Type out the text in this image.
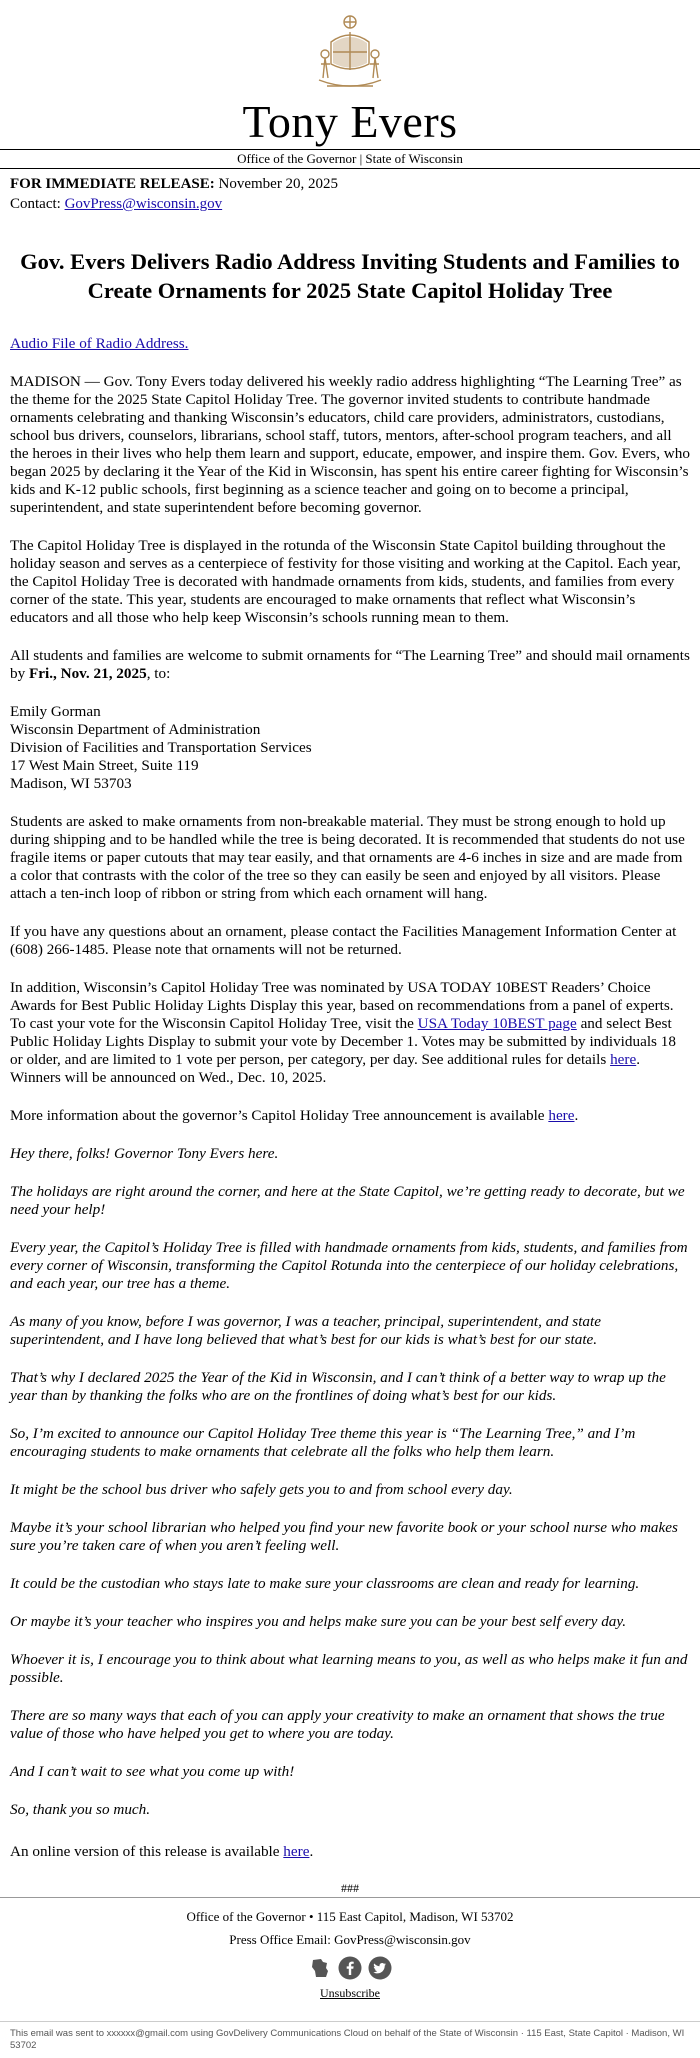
Tony Evers
Office of the Governor | State of Wisconsin
FOR IMMEDIATE RELEASE: November 20, 2025
Contact: GovPress@wisconsin.gov
Gov. Evers Delivers Radio Address Inviting Students and Families to Create Ornaments for 2025 State Capitol Holiday Tree

Audio File of Radio Address.

MADISON — Gov. Tony Evers today delivered his weekly radio address highlighting “The Learning Tree” as the theme for the 2025 State Capitol Holiday Tree. The governor invited students to contribute handmade ornaments celebrating and thanking Wisconsin’s educators, child care providers, administrators, custodians, school bus drivers, counselors, librarians, school staff, tutors, mentors, after-school program teachers, and all the heroes in their lives who help them learn and support, educate, empower, and inspire them. Gov. Evers, who began 2025 by declaring it the Year of the Kid in Wisconsin, has spent his entire career fighting for Wisconsin’s kids and K-12 public schools, first beginning as a science teacher and going on to become a principal, superintendent, and state superintendent before becoming governor.

The Capitol Holiday Tree is displayed in the rotunda of the Wisconsin State Capitol building throughout the holiday season and serves as a centerpiece of festivity for those visiting and working at the Capitol. Each year, the Capitol Holiday Tree is decorated with handmade ornaments from kids, students, and families from every corner of the state. This year, students are encouraged to make ornaments that reflect what Wisconsin’s educators and all those who help keep Wisconsin’s schools running mean to them.

All students and families are welcome to submit ornaments for “The Learning Tree” and should mail ornaments by Fri., Nov. 21, 2025, to:

Emily Gorman
Wisconsin Department of Administration
Division of Facilities and Transportation Services
17 West Main Street, Suite 119
Madison, WI 53703

Students are asked to make ornaments from non-breakable material. They must be strong enough to hold up during shipping and to be handled while the tree is being decorated. It is recommended that students do not use fragile items or paper cutouts that may tear easily, and that ornaments are 4-6 inches in size and are made from a color that contrasts with the color of the tree so they can easily be seen and enjoyed by all visitors. Please attach a ten-inch loop of ribbon or string from which each ornament will hang.

If you have any questions about an ornament, please contact the Facilities Management Information Center at (608) 266-1485. Please note that ornaments will not be returned.

In addition, Wisconsin’s Capitol Holiday Tree was nominated by USA TODAY 10BEST Readers’ Choice Awards for Best Public Holiday Lights Display this year, based on recommendations from a panel of experts. To cast your vote for the Wisconsin Capitol Holiday Tree, visit the USA Today 10BEST page and select Best Public Holiday Lights Display to submit your vote by December 1. Votes may be submitted by individuals 18 or older, and are limited to 1 vote per person, per category, per day. See additional rules for details here. Winners will be announced on Wed., Dec. 10, 2025.

More information about the governor’s Capitol Holiday Tree announcement is available here.

Hey there, folks! Governor Tony Evers here.

The holidays are right around the corner, and here at the State Capitol, we’re getting ready to decorate, but we need your help!

Every year, the Capitol’s Holiday Tree is filled with handmade ornaments from kids, students, and families from every corner of Wisconsin, transforming the Capitol Rotunda into the centerpiece of our holiday celebrations, and each year, our tree has a theme.

As many of you know, before I was governor, I was a teacher, principal, superintendent, and state superintendent, and I have long believed that what’s best for our kids is what’s best for our state.

That’s why I declared 2025 the Year of the Kid in Wisconsin, and I can’t think of a better way to wrap up the year than by thanking the folks who are on the frontlines of doing what’s best for our kids.

So, I’m excited to announce our Capitol Holiday Tree theme this year is “The Learning Tree,” and I’m encouraging students to make ornaments that celebrate all the folks who help them learn.

It might be the school bus driver who safely gets you to and from school every day.

Maybe it’s your school librarian who helped you find your new favorite book or your school nurse who makes sure you’re taken care of when you aren’t feeling well.

It could be the custodian who stays late to make sure your classrooms are clean and ready for learning.

Or maybe it’s your teacher who inspires you and helps make sure you can be your best self every day.

Whoever it is, I encourage you to think about what learning means to you, as well as who helps make it fun and possible.

There are so many ways that each of you can apply your creativity to make an ornament that shows the true value of those who have helped you get to where you are today.

And I can’t wait to see what you come up with!

So, thank you so much.

An online version of this release is available here.

###

Office of the Governor • 115 East Capitol, Madison, WI 53702

Press Office Email: GovPress@wisconsin.gov

Unsubscribe
This email was sent to xxxxxx@gmail.com using GovDelivery Communications Cloud on behalf of the State of Wisconsin · 115 East, State Capitol · Madison, WI 53702
